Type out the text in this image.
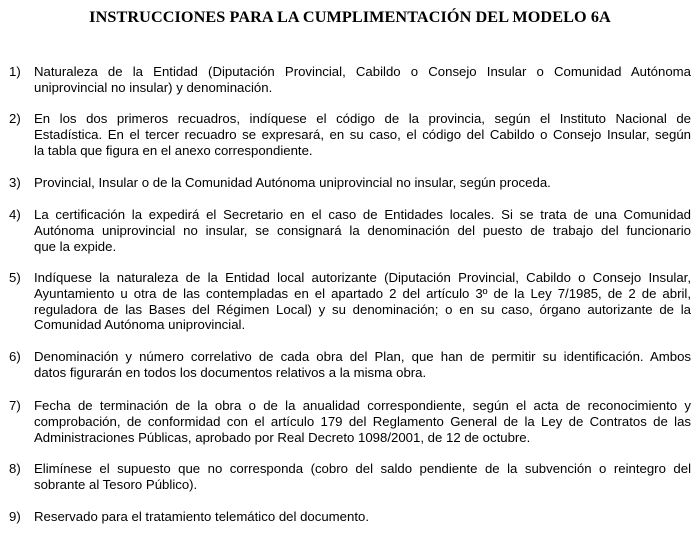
INSTRUCCIONES PARA LA CUMPLIMENTACIÓN DEL MODELO 6A
1) Naturaleza de la Entidad (Diputación Provincial, Cabildo o Consejo Insular o Comunidad Autónoma
uniprovincial no insular) y denominación.
2) En los dos primeros recuadros, indíquese el código de la provincia, según el Instituto Nacional de
Estadística. En el tercer recuadro se expresará, en su caso, el código del Cabildo o Consejo Insular, según
la tabla que figura en el anexo correspondiente.
3) Provincial, Insular o de la Comunidad Autónoma uniprovincial no insular, según proceda.
4) La certificación la expedirá el Secretario en el caso de Entidades locales. Si se trata de una Comunidad
Autónoma uniprovincial no insular, se consignará la denominación del puesto de trabajo del funcionario
que la expide.
5) Indíquese la naturaleza de la Entidad local autorizante (Diputación Provincial, Cabildo o Consejo Insular,
Ayuntamiento u otra de las contempladas en el apartado 2 del artículo 3º de la Ley 7/1985, de 2 de abril,
reguladora de las Bases del Régimen Local) y su denominación; o en su caso, órgano autorizante de la
Comunidad Autónoma uniprovincial.
6) Denominación y número correlativo de cada obra del Plan, que han de permitir su identificación. Ambos
datos figurarán en todos los documentos relativos a la misma obra.
7) Fecha de terminación de la obra o de la anualidad correspondiente, según el acta de reconocimiento y
comprobación, de conformidad con el artículo 179 del Reglamento General de la Ley de Contratos de las
Administraciones Públicas, aprobado por Real Decreto 1098/2001, de 12 de octubre.
8) Elimínese el supuesto que no corresponda (cobro del saldo pendiente de la subvención o reintegro del
sobrante al Tesoro Público).
9) Reservado para el tratamiento telemático del documento.
